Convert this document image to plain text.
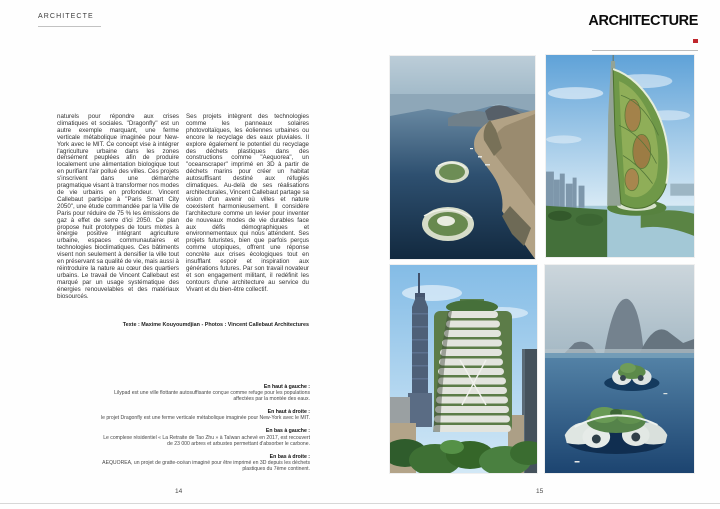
ARCHITECTE	ARCHITECTURE
naturels pour répondre aux crises climatiques et sociales. "Dragonfly" est un autre exemple marquant, une ferme verticale métabolique imaginée pour New-York avec le MIT. Ce concept vise à intégrer l'agriculture urbaine dans les zones densément peuplées afin de produire localement une alimentation biologique tout en purifiant l'air pollué des villes. Ces projets s'inscrivent dans une démarche pragmatique visant à transformer nos modes de vie urbains en profondeur. Vincent Callebaut participe à "Paris Smart City 2050", une étude commandée par la Ville de Paris pour réduire de 75 % les émissions de gaz à effet de serre d'ici 2050. Ce plan propose huit prototypes de tours mixtes à énergie positive intégrant agriculture urbaine, espaces communautaires et technologies bioclimatiques. Ces bâtiments visent non seulement à densifier la ville tout en préservant sa qualité de vie, mais aussi à réintroduire la nature au cœur des quartiers urbains. Le travail de Vincent Callebaut est marqué par un usage systématique des énergies renouvelables et des matériaux biosourcés.
Ses projets intègrent des technologies comme les panneaux solaires photovoltaïques, les éoliennes urbaines ou encore le recyclage des eaux pluviales. Il explore également le potentiel du recyclage des déchets plastiques dans des constructions comme "Aequorea", un "oceanscraper" imprimé en 3D à partir de déchets marins pour créer un habitat autosuffisant destiné aux réfugiés climatiques. Au-delà de ses réalisations architecturales, Vincent Callebaut partage sa vision d'un avenir où villes et nature coexistent harmonieusement. Il considère l'architecture comme un levier pour inventer de nouveaux modes de vie durables face aux défis démographiques et environnementaux qui nous attendent. Ses projets futuristes, bien que parfois perçus comme utopiques, offrent une réponse concrète aux crises écologiques tout en insufflant espoir et inspiration aux générations futures. Par son travail novateur et son engagement militant, il redéfinit les contours d'une architecture au service du Vivant et du bien-être collectif.
Texte : Maxime Kouyoumdjian - Photos : Vincent Callebaut Architectures
En haut à gauche :
Lilypad est une ville flottante autosuffisante conçue comme refuge pour les populations affectées par la montée des eaux.
En haut à droite :
le projet Dragonfly est une ferme verticale métabolique imaginée pour New-York avec le MIT.
En bas à gauche :
Le complexe résidentiel « La Retraite de Tao Zhu » à Taïwan achevé en 2017, est recouvert de 23 000 arbres et arbustes permettant d'absorber le carbone.
En bas à droite :
AEQUOREA, un projet de gratte-océan imaginé pour être imprimé en 3D depuis les déchets plastiques du 7ème continent.
14	15
